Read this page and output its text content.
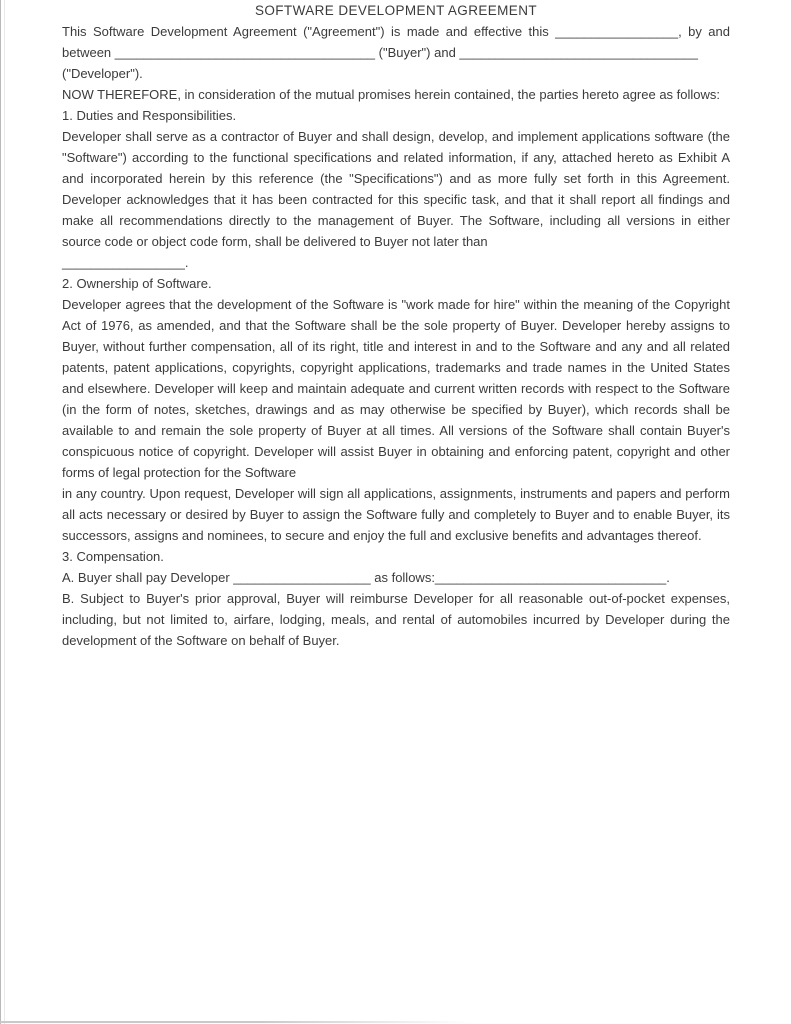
SOFTWARE DEVELOPMENT AGREEMENT

This Software Development Agreement ("Agreement") is made and effective this _________________, by and between ____________________________________ ("Buyer") and _________________________________
("Developer").

NOW THEREFORE, in consideration of the mutual promises herein contained, the parties hereto agree as follows:

1. Duties and Responsibilities.

Developer shall serve as a contractor of Buyer and shall design, develop, and implement applications software (the "Software") according to the functional specifications and related information, if any, attached hereto as Exhibit A and incorporated herein by this reference (the "Specifications") and as more fully set forth in this Agreement. Developer acknowledges that it has been contracted for this specific task, and that it shall report all findings and make all recommendations directly to the management of Buyer. The Software, including all versions in either source code or object code form, shall be delivered to Buyer not later than
_________________.

2. Ownership of Software.

Developer agrees that the development of the Software is "work made for hire" within the meaning of the Copyright Act of 1976, as amended, and that the Software shall be the sole property of Buyer. Developer hereby assigns to Buyer, without further compensation, all of its right, title and interest in and to the Software and any and all related patents, patent applications, copyrights, copyright applications, trademarks and trade names in the United States and elsewhere. Developer will keep and maintain adequate and current written records with respect to the Software (in the form of notes, sketches, drawings and as may otherwise be specified by Buyer), which records shall be available to and remain the sole property of Buyer at all times. All versions of the Software shall contain Buyer's conspicuous notice of copyright. Developer will assist Buyer in obtaining and enforcing patent, copyright and other forms of legal protection for the Software
in any country. Upon request, Developer will sign all applications, assignments, instruments and papers and perform all acts necessary or desired by Buyer to assign the Software fully and completely to Buyer and to enable Buyer, its successors, assigns and nominees, to secure and enjoy the full and exclusive benefits and advantages thereof.

3. Compensation.

A. Buyer shall pay Developer ___________________ as follows:________________________________.

B. Subject to Buyer's prior approval, Buyer will reimburse Developer for all reasonable out-of-pocket expenses, including, but not limited to, airfare, lodging, meals, and rental of automobiles incurred by Developer during the development of the Software on behalf of Buyer.
